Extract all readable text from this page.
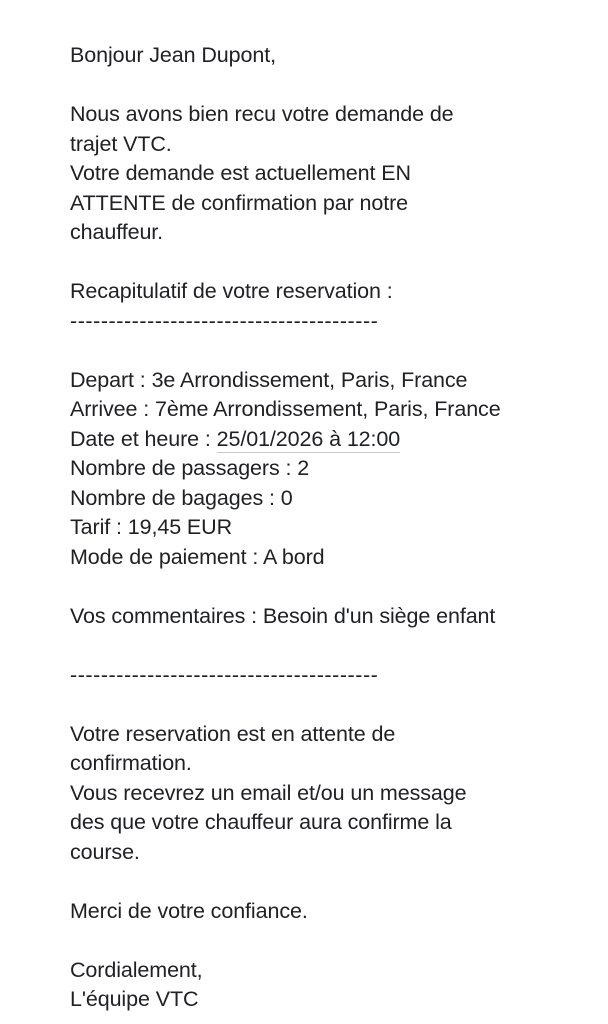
Bonjour Jean Dupont,

Nous avons bien recu votre demande de
trajet VTC.
Votre demande est actuellement EN
ATTENTE de confirmation par notre
chauffeur.

Recapitulatif de votre reservation :
----------------------------------------

Depart : 3e Arrondissement, Paris, France
Arrivee : 7ème Arrondissement, Paris, France
Date et heure : 25/01/2026 à 12:00
Nombre de passagers : 2
Nombre de bagages : 0
Tarif : 19,45 EUR
Mode de paiement : A bord

Vos commentaires : Besoin d'un siège enfant

----------------------------------------

Votre reservation est en attente de
confirmation.
Vous recevrez un email et/ou un message
des que votre chauffeur aura confirme la
course.

Merci de votre confiance.

Cordialement,
L'équipe VTC
